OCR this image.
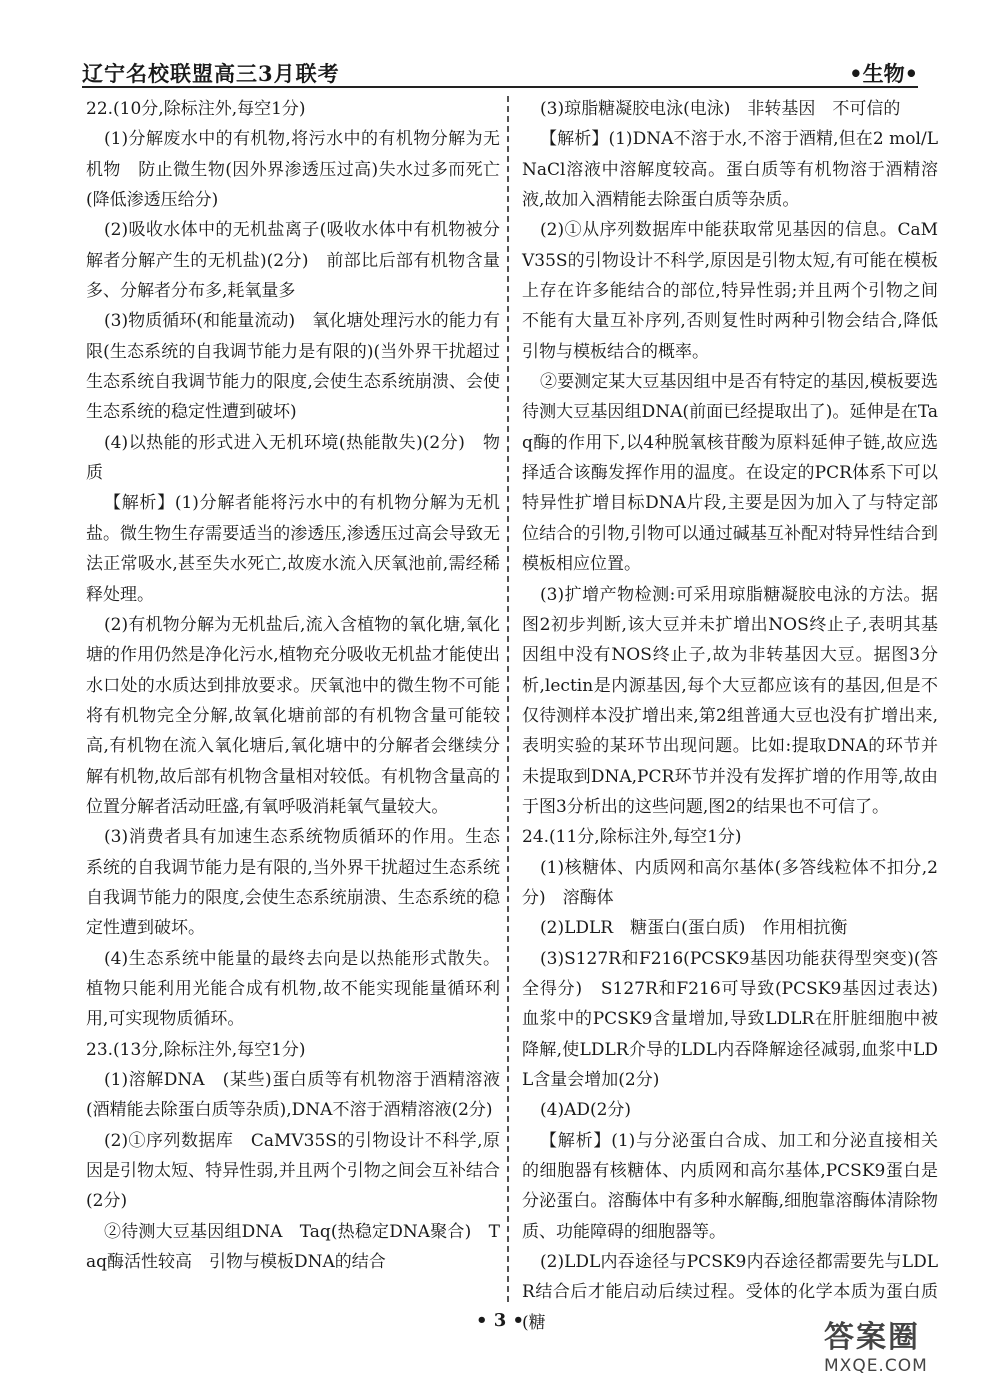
辽宁名校联盟高三3月联考	•生物•

22.(10分,除标注外,每空1分)

(1)分解废水中的有机物,将污水中的有机物分解为无机物　防止微生物(因外界渗透压过高)失水过多而死亡(降低渗透压给分)

(2)吸收水体中的无机盐离子(吸收水体中有机物被分解者分解产生的无机盐)(2分)　前部比后部有机物含量多、分解者分布多,耗氧量多

(3)物质循环(和能量流动)　氧化塘处理污水的能力有限(生态系统的自我调节能力是有限的)(当外界干扰超过生态系统自我调节能力的限度,会使生态系统崩溃、会使生态系统的稳定性遭到破坏)

(4)以热能的形式进入无机环境(热能散失)(2分)　物质

【解析】(1)分解者能将污水中的有机物分解为无机盐。微生物生存需要适当的渗透压,渗透压过高会导致无法正常吸水,甚至失水死亡,故废水流入厌氧池前,需经稀释处理。

(2)有机物分解为无机盐后,流入含植物的氧化塘,氧化塘的作用仍然是净化污水,植物充分吸收无机盐才能使出水口处的水质达到排放要求。厌氧池中的微生物不可能将有机物完全分解,故氧化塘前部的有机物含量可能较高,有机物在流入氧化塘后,氧化塘中的分解者会继续分解有机物,故后部有机物含量相对较低。有机物含量高的位置分解者活动旺盛,有氧呼吸消耗氧气量较大。

(3)消费者具有加速生态系统物质循环的作用。生态系统的自我调节能力是有限的,当外界干扰超过生态系统自我调节能力的限度,会使生态系统崩溃、生态系统的稳定性遭到破坏。

(4)生态系统中能量的最终去向是以热能形式散失。植物只能利用光能合成有机物,故不能实现能量循环利用,可实现物质循环。

23.(13分,除标注外,每空1分)

(1)溶解DNA　(某些)蛋白质等有机物溶于酒精溶液(酒精能去除蛋白质等杂质),DNA不溶于酒精溶液(2分)

(2)①序列数据库　CaMV35S的引物设计不科学,原因是引物太短、特异性弱,并且两个引物之间会互补结合(2分)

②待测大豆基因组DNA　Taq(热稳定DNA聚合)　Taq酶活性较高　引物与模板DNA的结合

(3)琼脂糖凝胶电泳(电泳)　非转基因　不可信的

【解析】(1)DNA不溶于水,不溶于酒精,但在2 mol/L NaCl溶液中溶解度较高。蛋白质等有机物溶于酒精溶液,故加入酒精能去除蛋白质等杂质。

(2)①从序列数据库中能获取常见基因的信息。CaMV35S的引物设计不科学,原因是引物太短,有可能在模板上存在许多能结合的部位,特异性弱;并且两个引物之间不能有大量互补序列,否则复性时两种引物会结合,降低引物与模板结合的概率。

②要测定某大豆基因组中是否有特定的基因,模板要选待测大豆基因组DNA(前面已经提取出了)。延伸是在Taq酶的作用下,以4种脱氧核苷酸为原料延伸子链,故应选择适合该酶发挥作用的温度。在设定的PCR体系下可以特异性扩增目标DNA片段,主要是因为加入了与特定部位结合的引物,引物可以通过碱基互补配对特异性结合到模板相应位置。

(3)扩增产物检测:可采用琼脂糖凝胶电泳的方法。据图2初步判断,该大豆并未扩增出NOS终止子,表明其基因组中没有NOS终止子,故为非转基因大豆。据图3分析,lectin是内源基因,每个大豆都应该有的基因,但是不仅待测样本没扩增出来,第2组普通大豆也没有扩增出来,表明实验的某环节出现问题。比如:提取DNA的环节并未提取到DNA,PCR环节并没有发挥扩增的作用等,故由于图3分析出的这些问题,图2的结果也不可信了。

24.(11分,除标注外,每空1分)

(1)核糖体、内质网和高尔基体(多答线粒体不扣分,2分)　溶酶体

(2)LDLR　糖蛋白(蛋白质)　作用相抗衡

(3)S127R和F216(PCSK9基因功能获得型突变)(答全得分)　S127R和F216可导致(PCSK9基因过表达)血浆中的PCSK9含量增加,导致LDLR在肝脏细胞中被降解,使LDLR介导的LDL内吞降解途径减弱,血浆中LDL含量会增加(2分)

(4)AD(2分)

【解析】(1)与分泌蛋白合成、加工和分泌直接相关的细胞器有核糖体、内质网和高尔基体,PCSK9蛋白是分泌蛋白。溶酶体中有多种水解酶,细胞靠溶酶体清除物质、功能障碍的细胞器等。

(2)LDL内吞途径与PCSK9内吞途径都需要先与LDLR结合后才能启动后续过程。受体的化学本质为蛋白质(糖

• 3 •	答案圈
MXQE.COM
